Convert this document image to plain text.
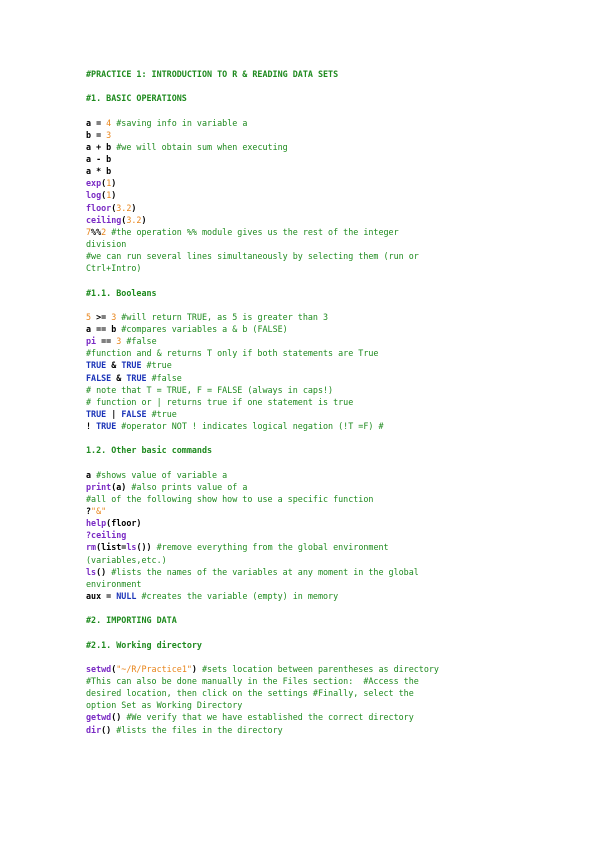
#PRACTICE 1: INTRODUCTION TO R & READING DATA SETS
#1. BASIC OPERATIONS
a = 4 #saving info in variable a
b = 3
a + b #we will obtain sum when executing
a - b
a * b
exp(1)
log(1)
floor(3.2)
ceiling(3.2)
7%%2 #the operation %% module gives us the rest of the integer
division
#we can run several lines simultaneously by selecting them (run or
Ctrl+Intro)
#1.1. Booleans
5 >= 3 #will return TRUE, as 5 is greater than 3
a == b #compares variables a & b (FALSE)
pi == 3 #false
#function and & returns T only if both statements are True
TRUE & TRUE #true
FALSE & TRUE #false
# note that T = TRUE, F = FALSE (always in caps!)
# function or | returns true if one statement is true
TRUE | FALSE #true
! TRUE #operator NOT ! indicates logical negation (!T =F) #
1.2. Other basic commands
a #shows value of variable a
print(a) #also prints value of a
#all of the following show how to use a specific function
?"&"
help(floor)
?ceiling
rm(list=ls()) #remove everything from the global environment
(variables,etc.)
ls() #lists the names of the variables at any moment in the global
environment
aux = NULL #creates the variable (empty) in memory
#2. IMPORTING DATA
#2.1. Working directory
setwd("~/R/Practice1") #sets location between parentheses as directory
#This can also be done manually in the Files section:  #Access the
desired location, then click on the settings #Finally, select the
option Set as Working Directory
getwd() #We verify that we have established the correct directory
dir() #lists the files in the directory
